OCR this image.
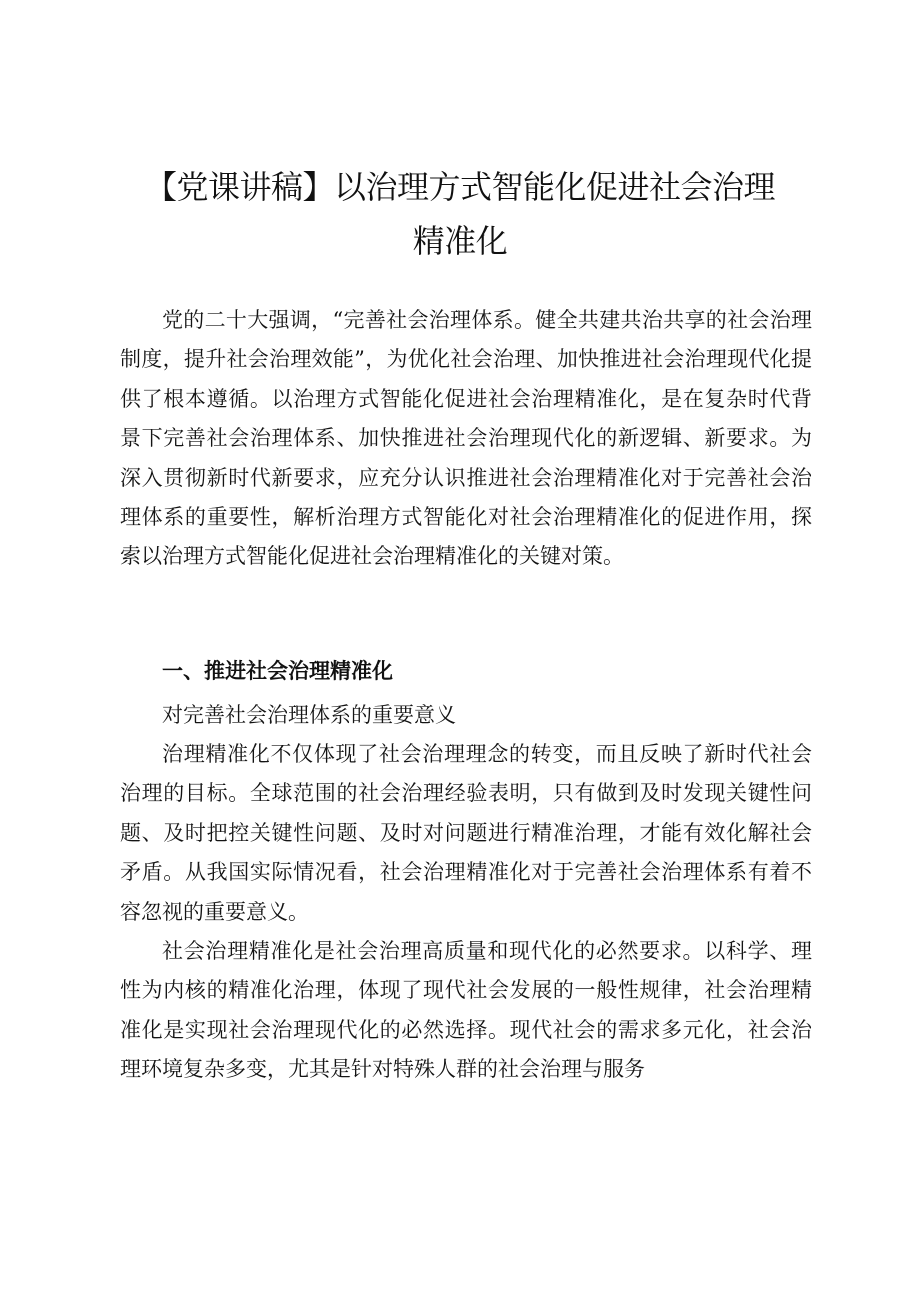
【党课讲稿】以治理方式智能化促进社会治理
精准化

党的二十大强调，“完善社会治理体系。健全共建共治共享的社会治理制度，提升社会治理效能”，为优化社会治理、加快推进社会治理现代化提供了根本遵循。以治理方式智能化促进社会治理精准化，是在复杂时代背景下完善社会治理体系、加快推进社会治理现代化的新逻辑、新要求。为深入贯彻新时代新要求，应充分认识推进社会治理精准化对于完善社会治理体系的重要性，解析治理方式智能化对社会治理精准化的促进作用，探索以治理方式智能化促进社会治理精准化的关键对策。

一、推进社会治理精准化

对完善社会治理体系的重要意义

治理精准化不仅体现了社会治理理念的转变，而且反映了新时代社会治理的目标。全球范围的社会治理经验表明，只有做到及时发现关键性问题、及时把控关键性问题、及时对问题进行精准治理，才能有效化解社会矛盾。从我国实际情况看，社会治理精准化对于完善社会治理体系有着不容忽视的重要意义。

社会治理精准化是社会治理高质量和现代化的必然要求。以科学、理性为内核的精准化治理，体现了现代社会发展的一般性规律，社会治理精准化是实现社会治理现代化的必然选择。现代社会的需求多元化，社会治理环境复杂多变，尤其是针对特殊人群的社会治理与服务
